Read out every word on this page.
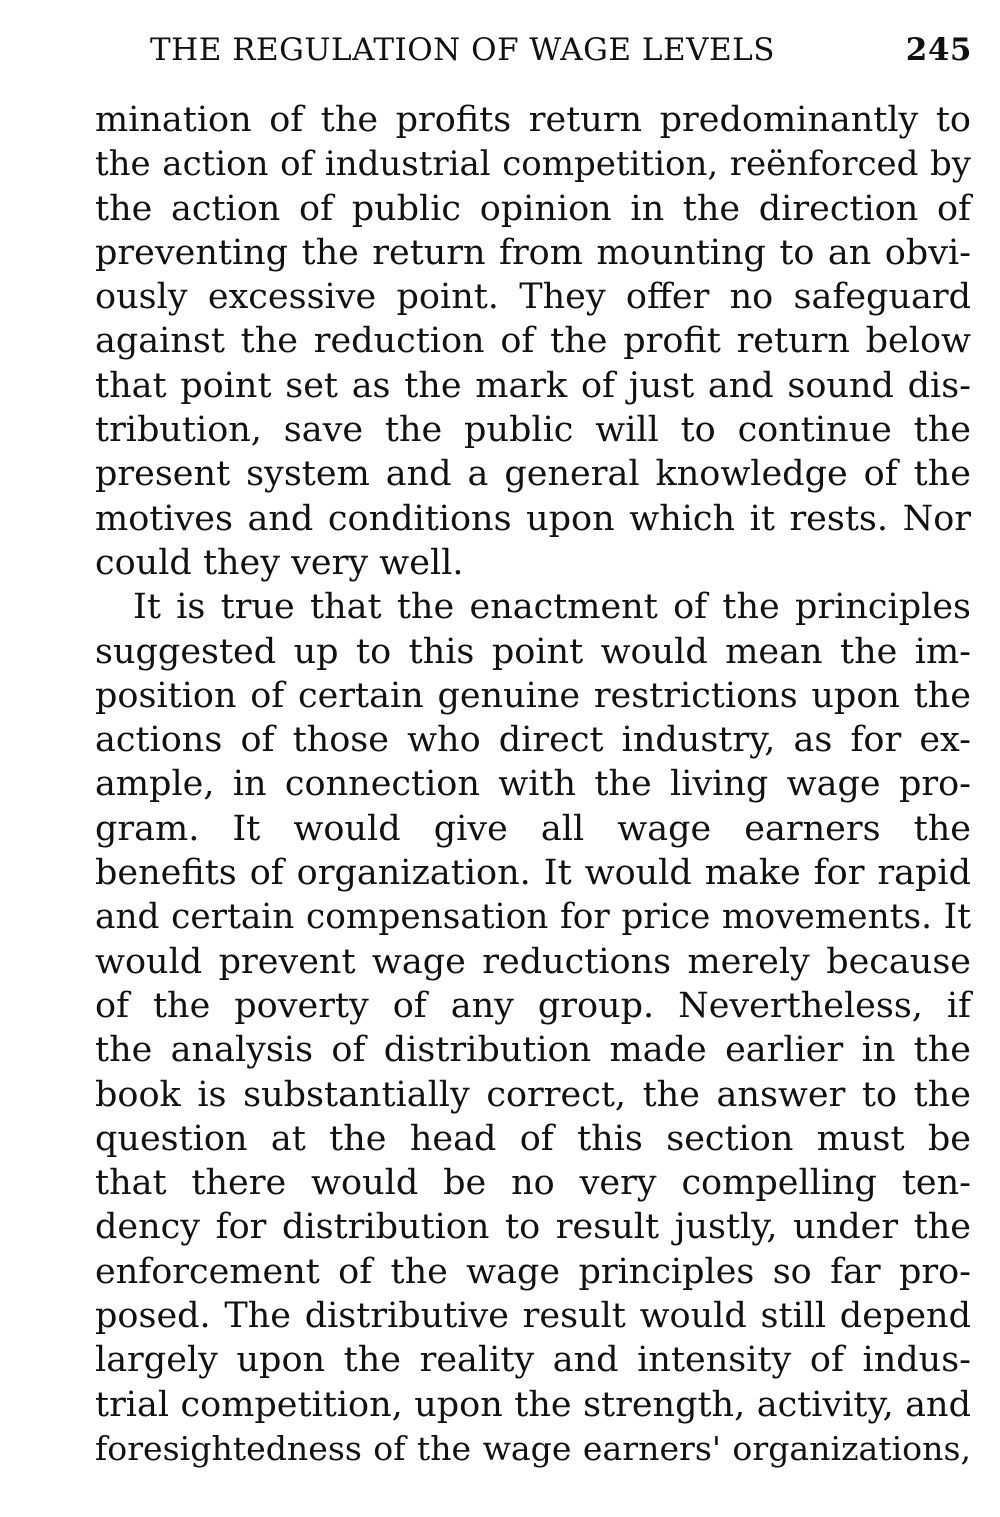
THE REGULATION OF WAGE LEVELS	245
mination of the profits return predominantly to
the action of industrial competition, reënforced by
the action of public opinion in the direction of
preventing the return from mounting to an obvi-
ously excessive point. They offer no safeguard
against the reduction of the profit return below
that point set as the mark of just and sound dis-
tribution, save the public will to continue the
present system and a general knowledge of the
motives and conditions upon which it rests. Nor
could they very well.
It is true that the enactment of the principles
suggested up to this point would mean the im-
position of certain genuine restrictions upon the
actions of those who direct industry, as for ex-
ample, in connection with the living wage pro-
gram. It would give all wage earners the
benefits of organization. It would make for rapid
and certain compensation for price movements. It
would prevent wage reductions merely because
of the poverty of any group. Nevertheless, if
the analysis of distribution made earlier in the
book is substantially correct, the answer to the
question at the head of this section must be
that there would be no very compelling ten-
dency for distribution to result justly, under the
enforcement of the wage principles so far pro-
posed. The distributive result would still depend
largely upon the reality and intensity of indus-
trial competition, upon the strength, activity, and
foresightedness of the wage earners' organizations,
